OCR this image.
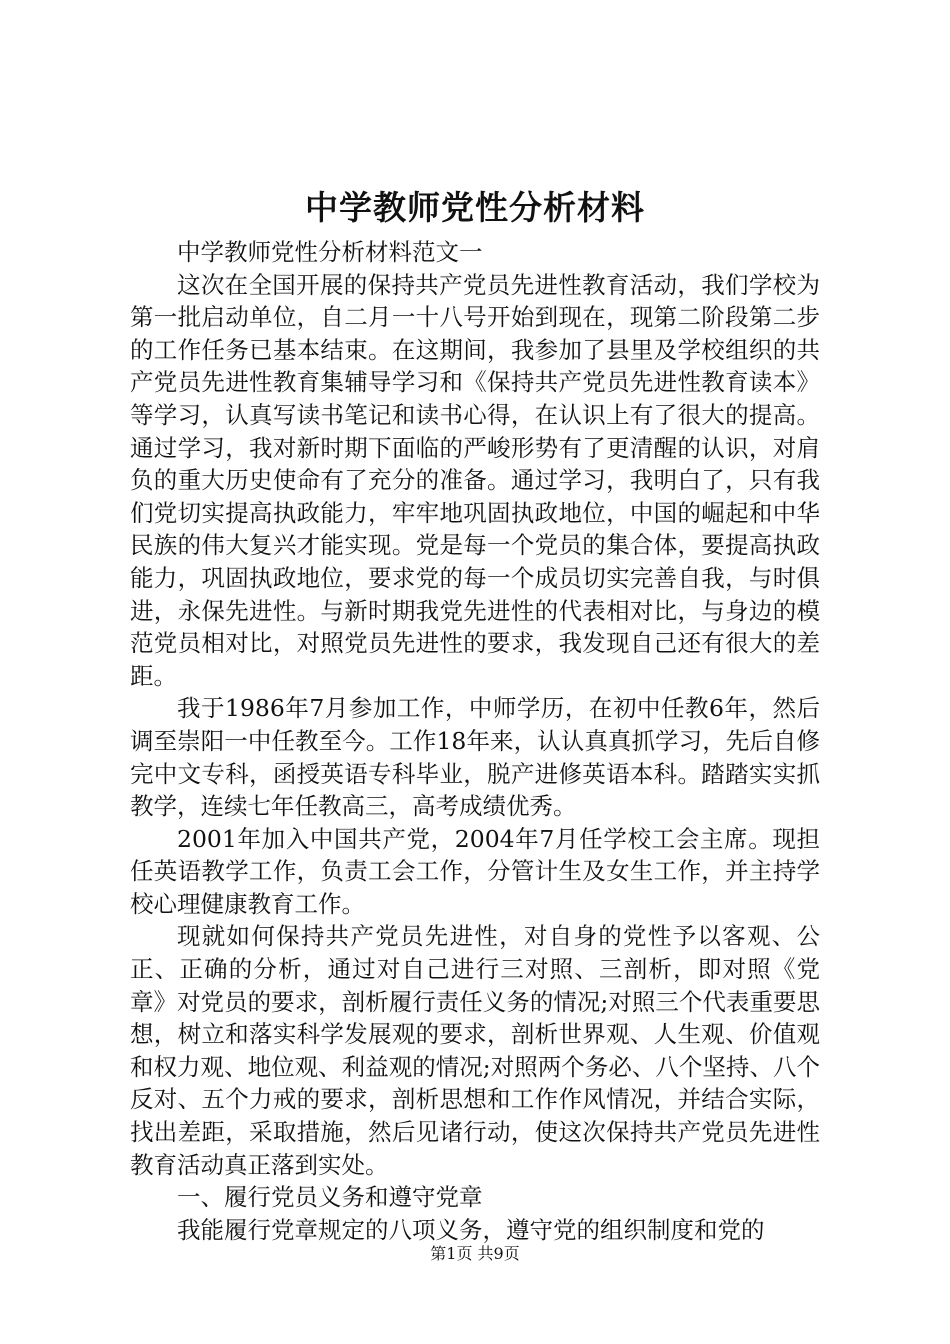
中学教师党性分析材料

中学教师党性分析材料范文一

这次在全国开展的保持共产党员先进性教育活动，我们学校为第一批启动单位，自二月一十八号开始到现在，现第二阶段第二步的工作任务已基本结束。在这期间，我参加了县里及学校组织的共产党员先进性教育集辅导学习和《保持共产党员先进性教育读本》等学习，认真写读书笔记和读书心得，在认识上有了很大的提高。通过学习，我对新时期下面临的严峻形势有了更清醒的认识，对肩负的重大历史使命有了充分的准备。通过学习，我明白了，只有我们党切实提高执政能力，牢牢地巩固执政地位，中国的崛起和中华民族的伟大复兴才能实现。党是每一个党员的集合体，要提高执政能力，巩固执政地位，要求党的每一个成员切实完善自我，与时俱进，永保先进性。与新时期我党先进性的代表相对比，与身边的模范党员相对比，对照党员先进性的要求，我发现自己还有很大的差距。

我于1986年7月参加工作，中师学历，在初中任教6年，然后调至崇阳一中任教至今。工作18年来，认认真真抓学习，先后自修完中文专科，函授英语专科毕业，脱产进修英语本科。踏踏实实抓教学，连续七年任教高三，高考成绩优秀。

2001年加入中国共产党，2004年7月任学校工会主席。现担任英语教学工作，负责工会工作，分管计生及女生工作，并主持学校心理健康教育工作。

现就如何保持共产党员先进性，对自身的党性予以客观、公正、正确的分析，通过对自己进行三对照、三剖析，即对照《党章》对党员的要求，剖析履行责任义务的情况;对照三个代表重要思想，树立和落实科学发展观的要求，剖析世界观、人生观、价值观和权力观、地位观、利益观的情况;对照两个务必、八个坚持、八个反对、五个力戒的要求，剖析思想和工作作风情况，并结合实际，找出差距，采取措施，然后见诸行动，使这次保持共产党员先进性教育活动真正落到实处。

一、履行党员义务和遵守党章

我能履行党章规定的八项义务，遵守党的组织制度和党的

第1页 共9页
